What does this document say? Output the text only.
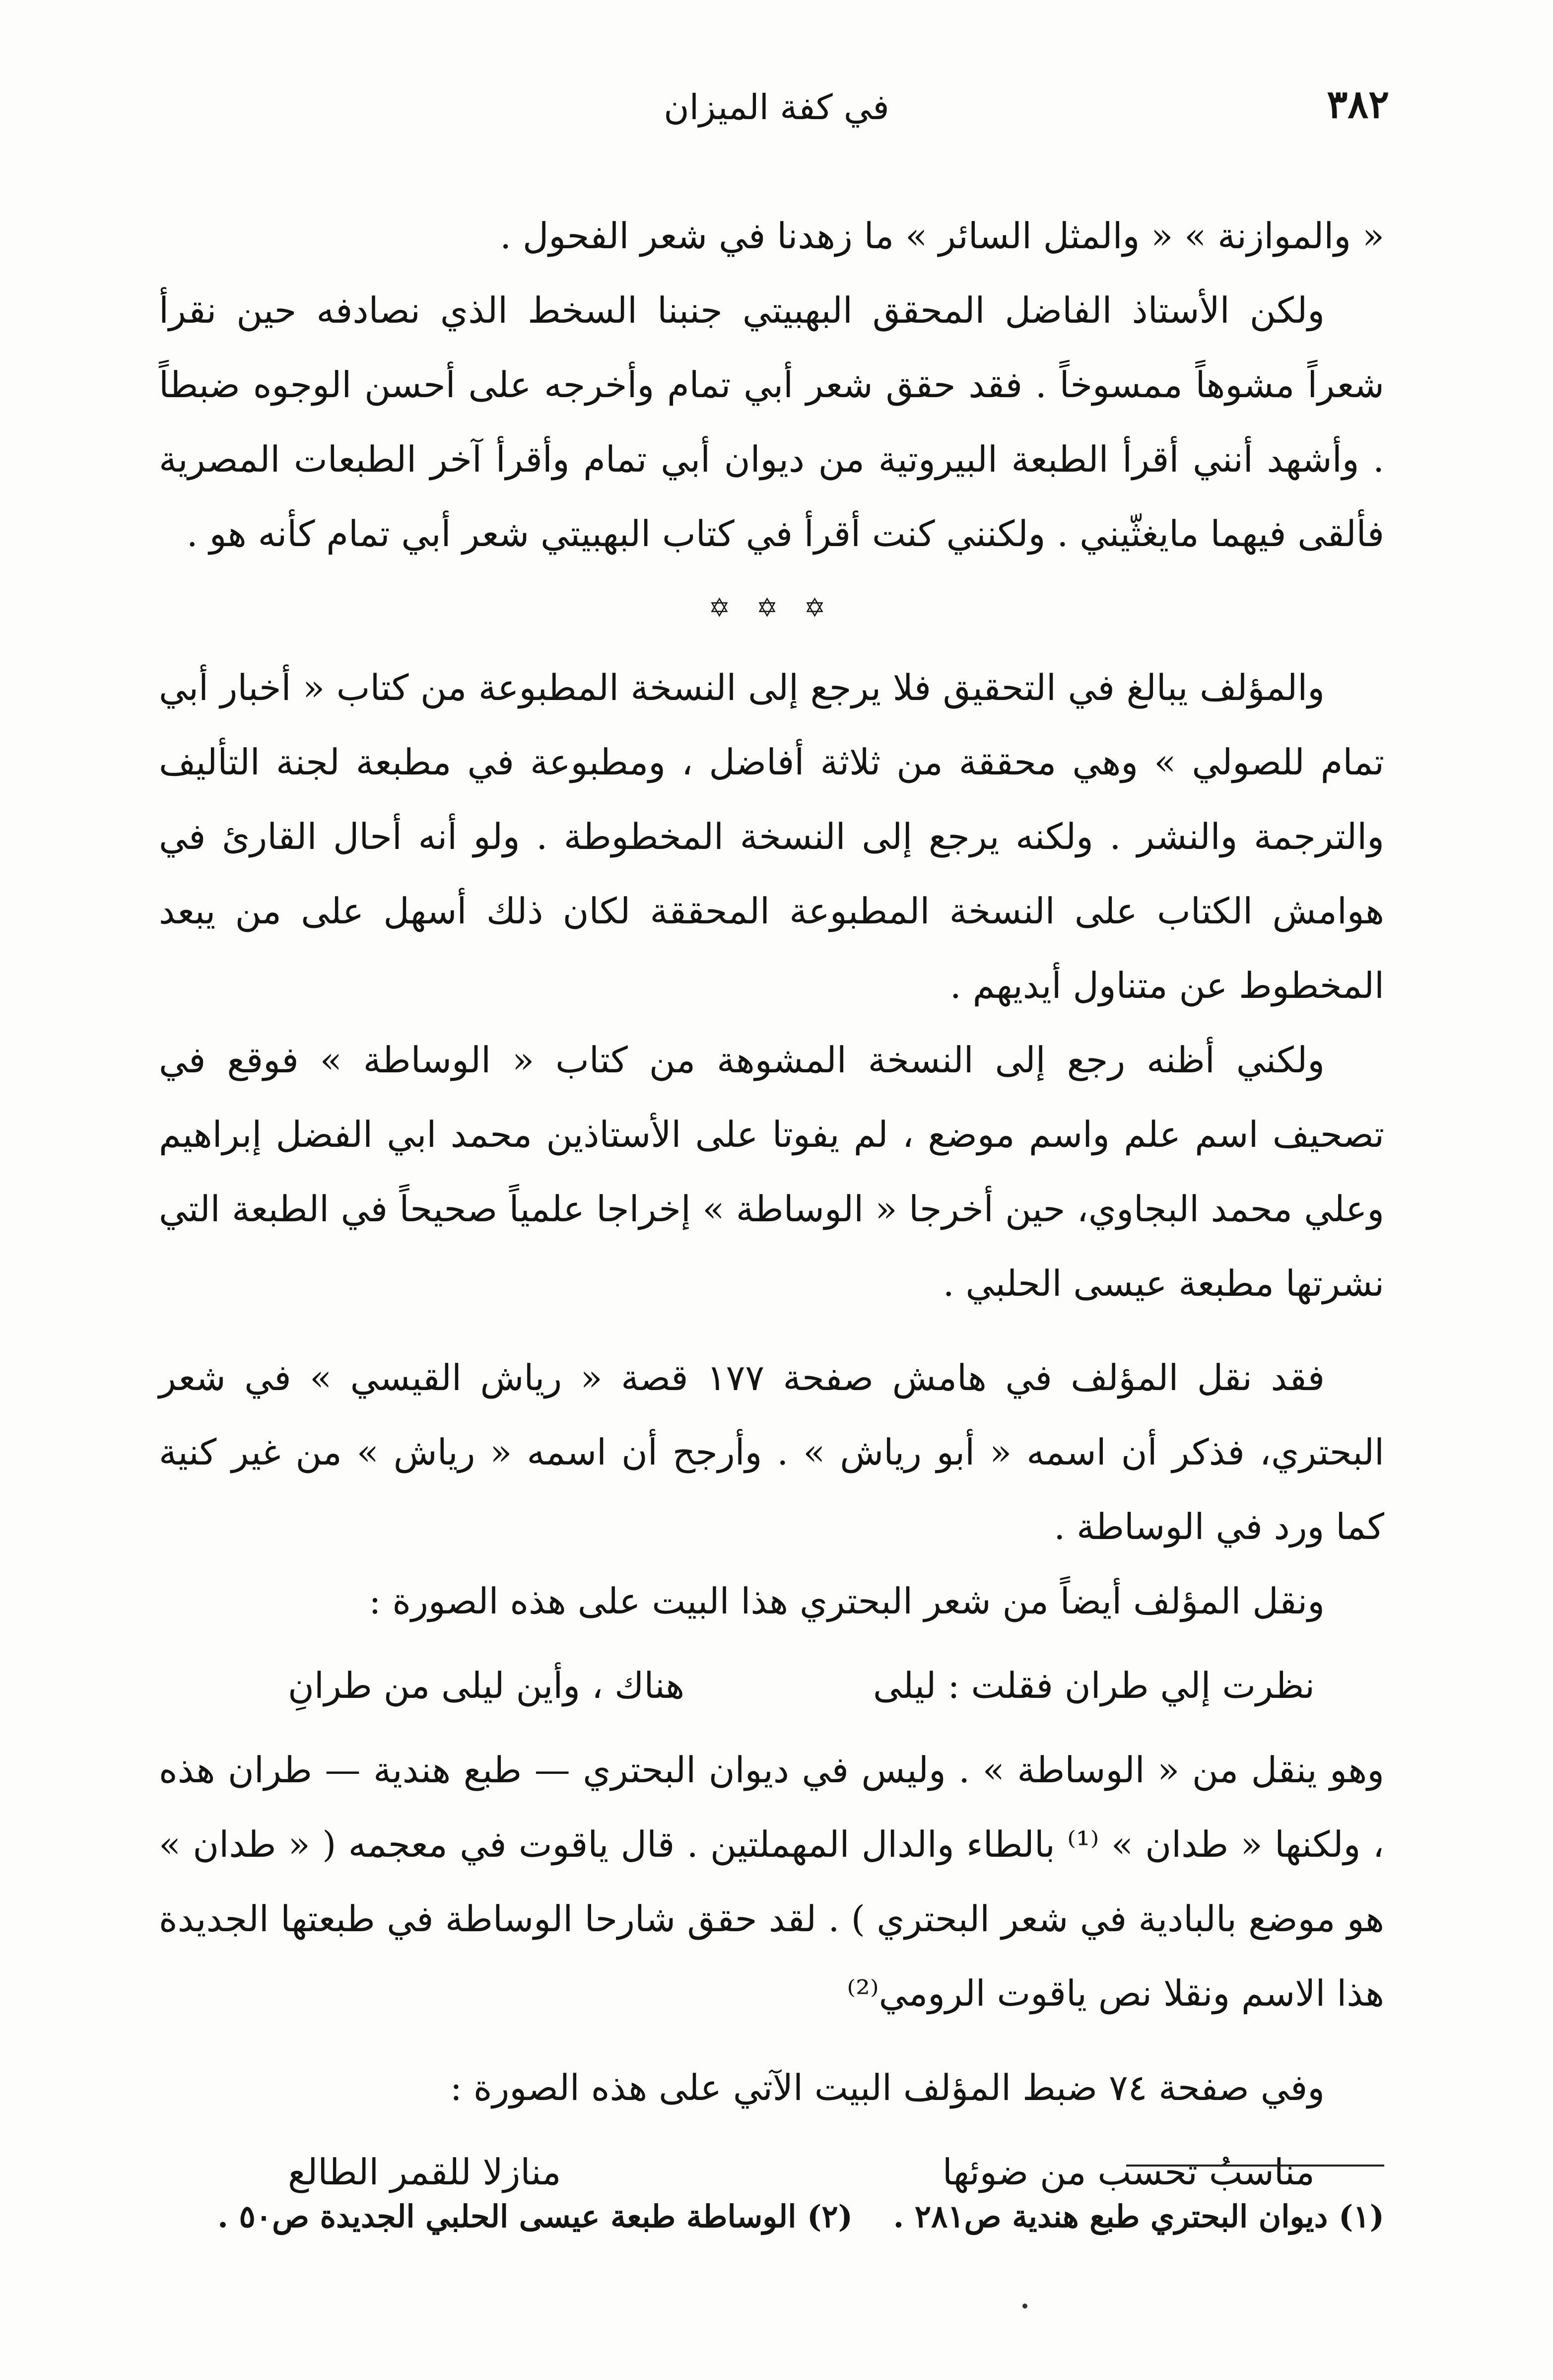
٣٨٢
في كفة الميزان

« والموازنة » « والمثل السائر » ما زهدنا في شعر الفحول .

ولكن الأستاذ الفاضل المحقق البهبيتي جنبنا السخط الذي نصادفه حين نقرأ شعراً مشوهاً ممسوخاً . فقد حقق شعر أبي تمام وأخرجه على أحسن الوجوه ضبطاً . وأشهد أنني أقرأ الطبعة البيروتية من ديوان أبي تمام وأقرأ آخر الطبعات المصرية فألقى فيهما مايغثّيني . ولكنني كنت أقرأ في كتاب البهبيتي شعر أبي تمام كأنه هو .

✡ ✡ ✡

والمؤلف يبالغ في التحقيق فلا يرجع إلى النسخة المطبوعة من كتاب « أخبار أبي تمام للصولي » وهي محققة من ثلاثة أفاضل ، ومطبوعة في مطبعة لجنة التأليف والترجمة والنشر . ولكنه يرجع إلى النسخة المخطوطة . ولو أنه أحال القارئ في هوامش الكتاب على النسخة المطبوعة المحققة لكان ذلك أسهل على من يبعد المخطوط عن متناول أيديهم .

ولكني أظنه رجع إلى النسخة المشوهة من كتاب « الوساطة » فوقع في تصحيف اسم علم واسم موضع ، لم يفوتا على الأستاذين محمد ابي الفضل إبراهيم وعلي محمد البجاوي، حين أخرجا « الوساطة » إخراجا علمياً صحيحاً في الطبعة التي نشرتها مطبعة عيسى الحلبي .

فقد نقل المؤلف في هامش صفحة ١٧٧ قصة « رياش القيسي » في شعر البحتري، فذكر أن اسمه « أبو رياش » . وأرجح أن اسمه « رياش » من غير كنية كما ورد في الوساطة .

ونقل المؤلف أيضاً من شعر البحتري هذا البيت على هذه الصورة :

نظرت إلي طران فقلت : ليلى
هناك ، وأين ليلى من طرانِ

وهو ينقل من « الوساطة » . وليس في ديوان البحتري — طبع هندية — طران هذه ، ولكنها « طدان » ⁽¹⁾ بالطاء والدال المهملتين . قال ياقوت في معجمه ( « طدان » هو موضع بالبادية في شعر البحتري ) . لقد حقق شارحا الوساطة في طبعتها الجديدة هذا الاسم ونقلا نص ياقوت الرومي⁽²⁾

وفي صفحة ٧٤ ضبط المؤلف البيت الآتي على هذه الصورة :

مناسبُ تحسب من ضوئها
منازلا للقمر الطالع
(١) ديوان البحتري طبع هندية ص٢٨١ . (٢) الوساطة طبعة عيسى الحلبي الجديدة ص٥٠ .
